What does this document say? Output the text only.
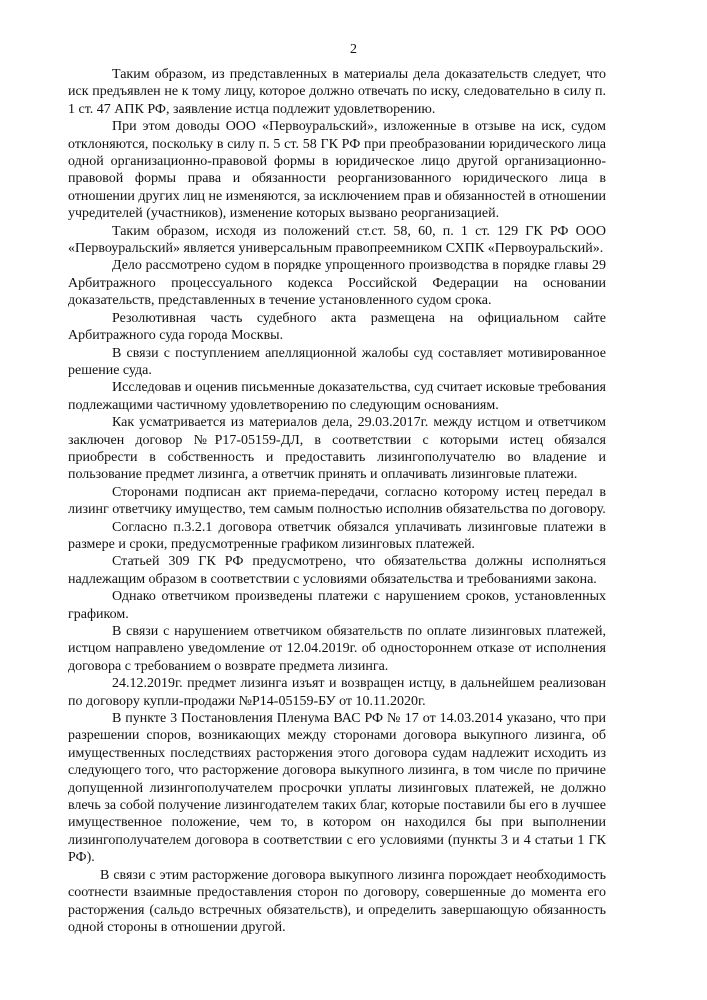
2

Таким образом, из представленных в материалы дела доказательств следует, что иск предъявлен не к тому лицу, которое должно отвечать по иску, следовательно в силу п. 1 ст. 47 АПК РФ, заявление истца подлежит удовлетворению.

При этом доводы ООО «Первоуральский», изложенные в отзыве на иск, судом отклоняются, поскольку в силу п. 5 ст. 58 ГК РФ при преобразовании юридического лица одной организационно-правовой формы в юридическое лицо другой организационно-правовой формы права и обязанности реорганизованного юридического лица в отношении других лиц не изменяются, за исключением прав и обязанностей в отношении учредителей (участников), изменение которых вызвано реорганизацией.

Таким образом, исходя из положений ст.ст. 58, 60, п. 1 ст. 129 ГК РФ ООО «Первоуральский» является универсальным правопреемником СХПК «Первоуральский».

Дело рассмотрено судом в порядке упрощенного производства в порядке главы 29 Арбитражного процессуального кодекса Российской Федерации на основании доказательств, представленных в течение установленного судом срока.

Резолютивная часть судебного акта размещена на официальном сайте Арбитражного суда города Москвы.

В связи с поступлением апелляционной жалобы суд составляет мотивированное решение суда.

Исследовав и оценив письменные доказательства, суд считает исковые требования подлежащими частичному удовлетворению по следующим основаниям.

Как усматривается из материалов дела, 29.03.2017г. между истцом и ответчиком заключен договор №Р17-05159-ДЛ, в соответствии с которыми истец обязался приобрести в собственность и предоставить лизингополучателю во владение и пользование предмет лизинга, а ответчик принять и оплачивать лизинговые платежи.

Сторонами подписан акт приема-передачи, согласно которому истец передал в лизинг ответчику имущество, тем самым полностью исполнив обязательства по договору.

Согласно п.3.2.1 договора ответчик обязался уплачивать лизинговые платежи в размере и сроки, предусмотренные графиком лизинговых платежей.

Статьей 309 ГК РФ предусмотрено, что обязательства должны исполняться надлежащим образом в соответствии с условиями обязательства и требованиями закона.

Однако ответчиком произведены платежи с нарушением сроков, установленных графиком.

В связи с нарушением ответчиком обязательств по оплате лизинговых платежей, истцом направлено уведомление от 12.04.2019г. об одностороннем отказе от исполнения договора с требованием о возврате предмета лизинга.

24.12.2019г. предмет лизинга изъят и возвращен истцу, в дальнейшем реализован по договору купли-продажи №Р14-05159-БУ от 10.11.2020г.

В пункте 3 Постановления Пленума ВАС РФ № 17 от 14.03.2014 указано, что при разрешении споров, возникающих между сторонами договора выкупного лизинга, об имущественных последствиях расторжения этого договора судам надлежит исходить из следующего того, что расторжение договора выкупного лизинга, в том числе по причине допущенной лизингополучателем просрочки уплаты лизинговых платежей, не должно влечь за собой получение лизингодателем таких благ, которые поставили бы его в лучшее имущественное положение, чем то, в котором он находился бы при выполнении лизингополучателем договора в соответствии с его условиями (пункты 3 и 4 статьи 1 ГК РФ).

В связи с этим расторжение договора выкупного лизинга порождает необходимость соотнести взаимные предоставления сторон по договору, совершенные до момента его расторжения (сальдо встречных обязательств), и определить завершающую обязанность одной стороны в отношении другой.
